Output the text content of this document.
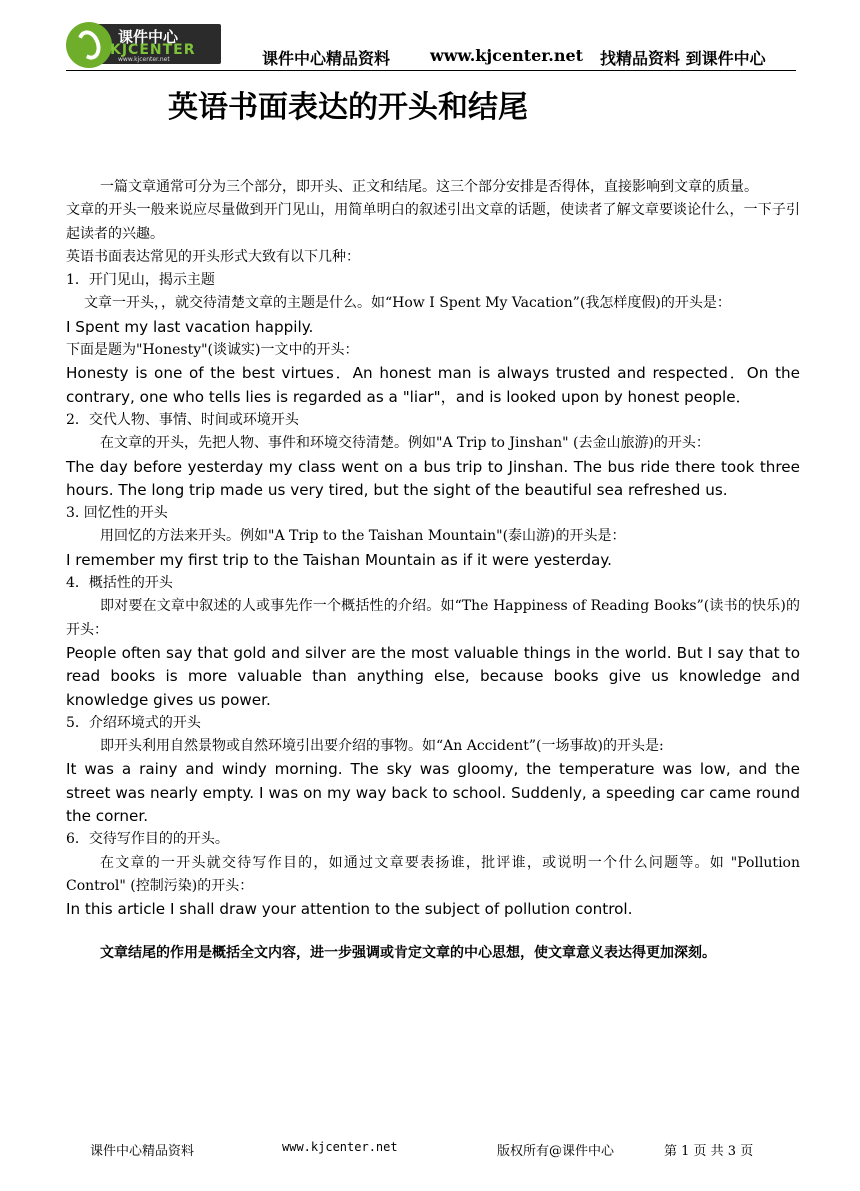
课件中心
KJCENTER
www.kjcenter.net	课件中心精品资料 www.kjcenter.net 找精品资料 到课件中心
英语书面表达的开头和结尾
一篇文章通常可分为三个部分，即开头、正文和结尾。这三个部分安排是否得体，直接影响到文章的质量。
文章的开头一般来说应尽量做到开门见山，用简单明白的叙述引出文章的话题，使读者了解文章要谈论什么，一下子引起读者的兴趣。
英语书面表达常见的开头形式大致有以下几种：
1．开门见山，揭示主题
文章一开头，，就交待清楚文章的主题是什么。如“How I Spent My Vacation”(我怎样度假)的开头是：
I Spent my last vacation happily.
下面是题为"Honesty"(谈诚实)一文中的开头：
Honesty is one of the best virtues．An honest man is always trusted and respected．On the contrary, one who tells lies is regarded as a "liar"，and is looked upon by honest people．
2．交代人物、事情、时间或环境开头
在文章的开头，先把人物、事件和环境交待清楚。例如"A Trip to Jinshan" (去金山旅游)的开头：
The day before yesterday my class went on a bus trip to Jinshan. The bus ride there took three hours. The long trip made us very tired, but the sight of the beautiful sea refreshed us.
3. 回忆性的开头
用回忆的方法来开头。例如"A Trip to the Taishan Mountain"(泰山游)的开头是：
I remember my first trip to the Taishan Mountain as if it were yesterday.
4．概括性的开头
即对要在文章中叙述的人或事先作一个概括性的介绍。如“The Happiness of Reading Books”(读书的快乐)的开头：
People often say that gold and silver are the most valuable things in the world. But I say that to read books is more valuable than anything else, because books give us knowledge and knowledge gives us power.
5．介绍环境式的开头
即开头利用自然景物或自然环境引出要介绍的事物。如“An Accident”(一场事故)的开头是:
It was a rainy and windy morning. The sky was gloomy, the temperature was low, and the street was nearly empty. I was on my way back to school. Suddenly, a speeding car came round the corner.
6．交待写作目的的开头。
在文章的一开头就交待写作目的，如通过文章要表扬谁，批评谁，或说明一个什么问题等。如 "Pollution Control" (控制污染)的开头：
In this article I shall draw your attention to the subject of pollution control.
文章结尾的作用是概括全文内容，进一步强调或肯定文章的中心思想，使文章意义表达得更加深刻。
课件中心精品资料	www.kjcenter.net	版权所有@课件中心	第 1 页 共 3 页
